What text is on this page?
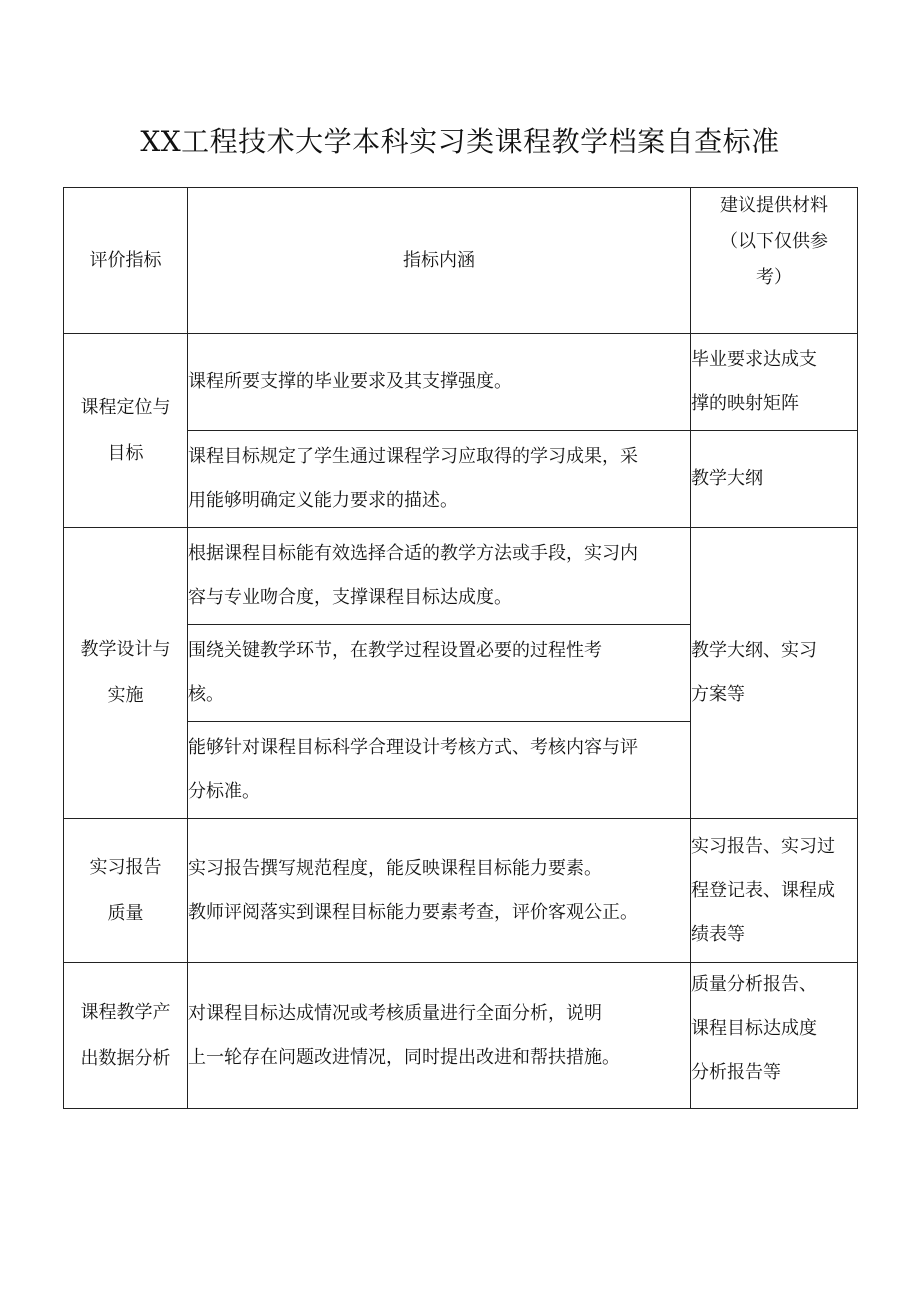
XX工程技术大学本科实习类课程教学档案自查标准
评价指标	指标内涵	建议提供材料
（以下仅供参
考）

课程定位与
目标	课程所要支撑的毕业要求及其支撑强度。	毕业要求达成支
撑的映射矩阵

	课程目标规定了学生通过课程学习应取得的学习成果，采
用能够明确定义能力要求的描述。	教学大纲

教学设计与
实施	根据课程目标能有效选择合适的教学方法或手段，实习内
容与专业吻合度，支撑课程目标达成度。	教学大纲、实习
方案等

	围绕关键教学环节，在教学过程设置必要的过程性考
核。	

	能够针对课程目标科学合理设计考核方式、考核内容与评
分标准。	

实习报告
质量	实习报告撰写规范程度，能反映课程目标能力要素。
教师评阅落实到课程目标能力要素考查，评价客观公正。	实习报告、实习过
程登记表、课程成
绩表等

课程教学产
出数据分析	对课程目标达成情况或考核质量进行全面分析，说明
上一轮存在问题改进情况，同时提出改进和帮扶措施。	质量分析报告、
课程目标达成度
分析报告等
